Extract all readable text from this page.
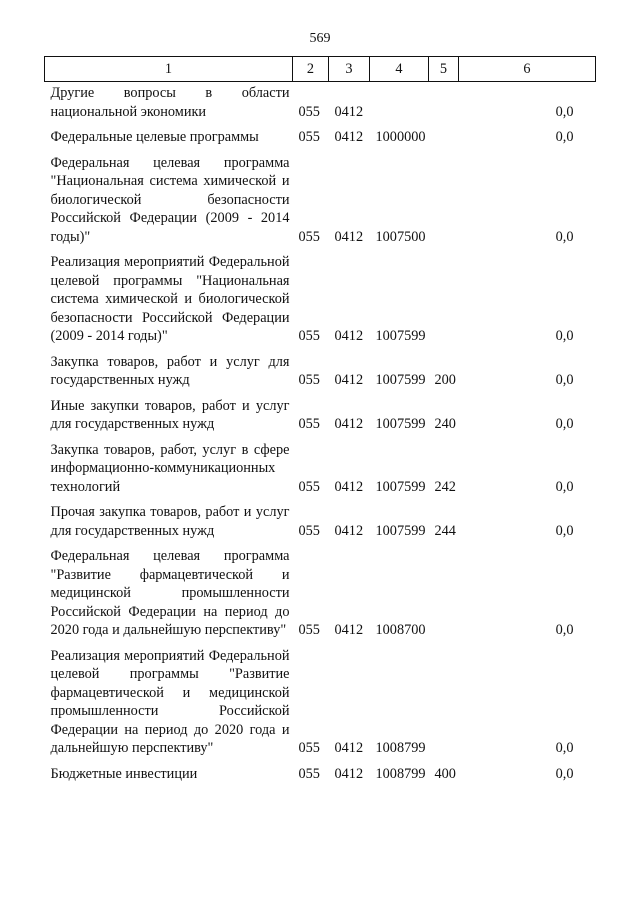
569
1	2	3	4	5	6

Другие вопросы в области национальной экономики	055	0412			0,0

Федеральные целевые программы	055	0412	1000000		0,0

Федеральная целевая программа "Национальная система химической и биологической безопасности Российской Федерации (2009 - 2014 годы)"	055	0412	1007500		0,0

Реализация мероприятий Федеральной целевой программы "Национальная система химической и биологической безопасности Российской Федерации (2009 - 2014 годы)"	055	0412	1007599		0,0

Закупка товаров, работ и услуг для государственных нужд	055	0412	1007599	200	0,0

Иные закупки товаров, работ и услуг для государственных нужд	055	0412	1007599	240	0,0

Закупка товаров, работ, услуг в сфере информационно-коммуникационных технологий	055	0412	1007599	242	0,0

Прочая закупка товаров, работ и услуг для государственных нужд	055	0412	1007599	244	0,0

Федеральная целевая программа "Развитие фармацевтической и медицинской промышленности Российской Федерации на период до 2020 года и дальнейшую перспективу"	055	0412	1008700		0,0

Реализация мероприятий Федеральной целевой программы "Развитие фармацевтической и медицинской промышленности Российской Федерации на период до 2020 года и дальнейшую перспективу"	055	0412	1008799		0,0

Бюджетные инвестиции	055	0412	1008799	400	0,0
